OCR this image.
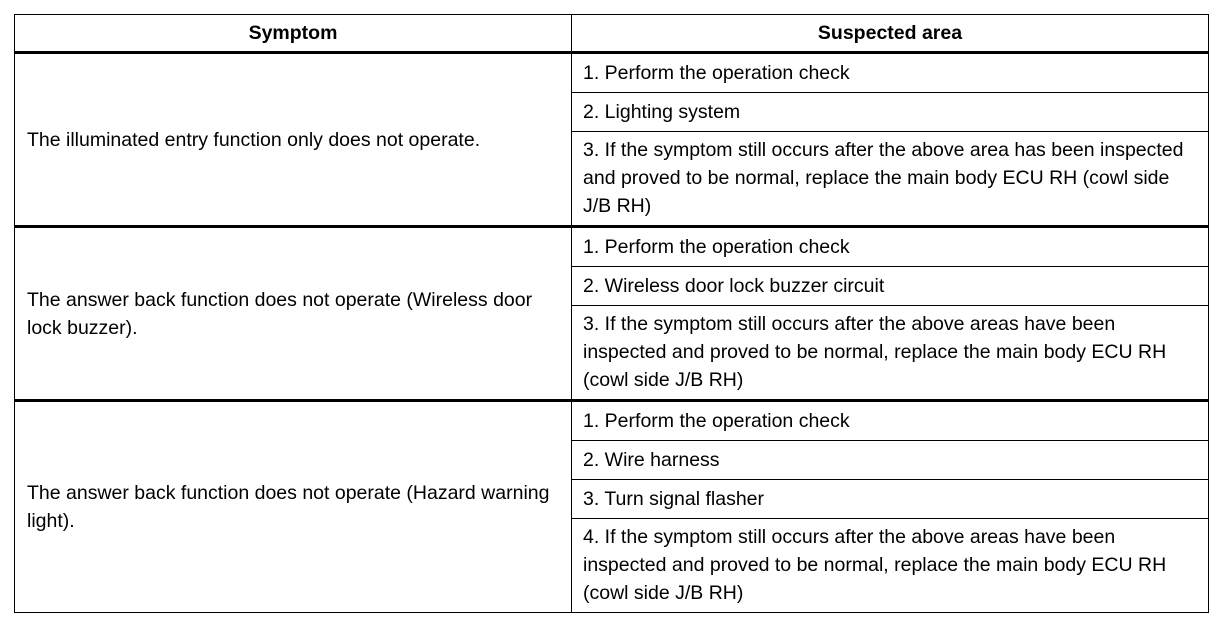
Symptom	Suspected area
The illuminated entry function only does not operate.	1. Perform the operation check
	2. Lighting system
	3. If the symptom still occurs after the above area has been inspected and proved to be normal, replace the main body ECU RH (cowl side J/B RH)
The answer back function does not operate (Wireless door lock buzzer).	1. Perform the operation check
	2. Wireless door lock buzzer circuit
	3. If the symptom still occurs after the above areas have been inspected and proved to be normal, replace the main body ECU RH (cowl side J/B RH)
The answer back function does not operate (Hazard warning light).	1. Perform the operation check
	2. Wire harness
	3. Turn signal flasher
	4. If the symptom still occurs after the above areas have been inspected and proved to be normal, replace the main body ECU RH (cowl side J/B RH)
